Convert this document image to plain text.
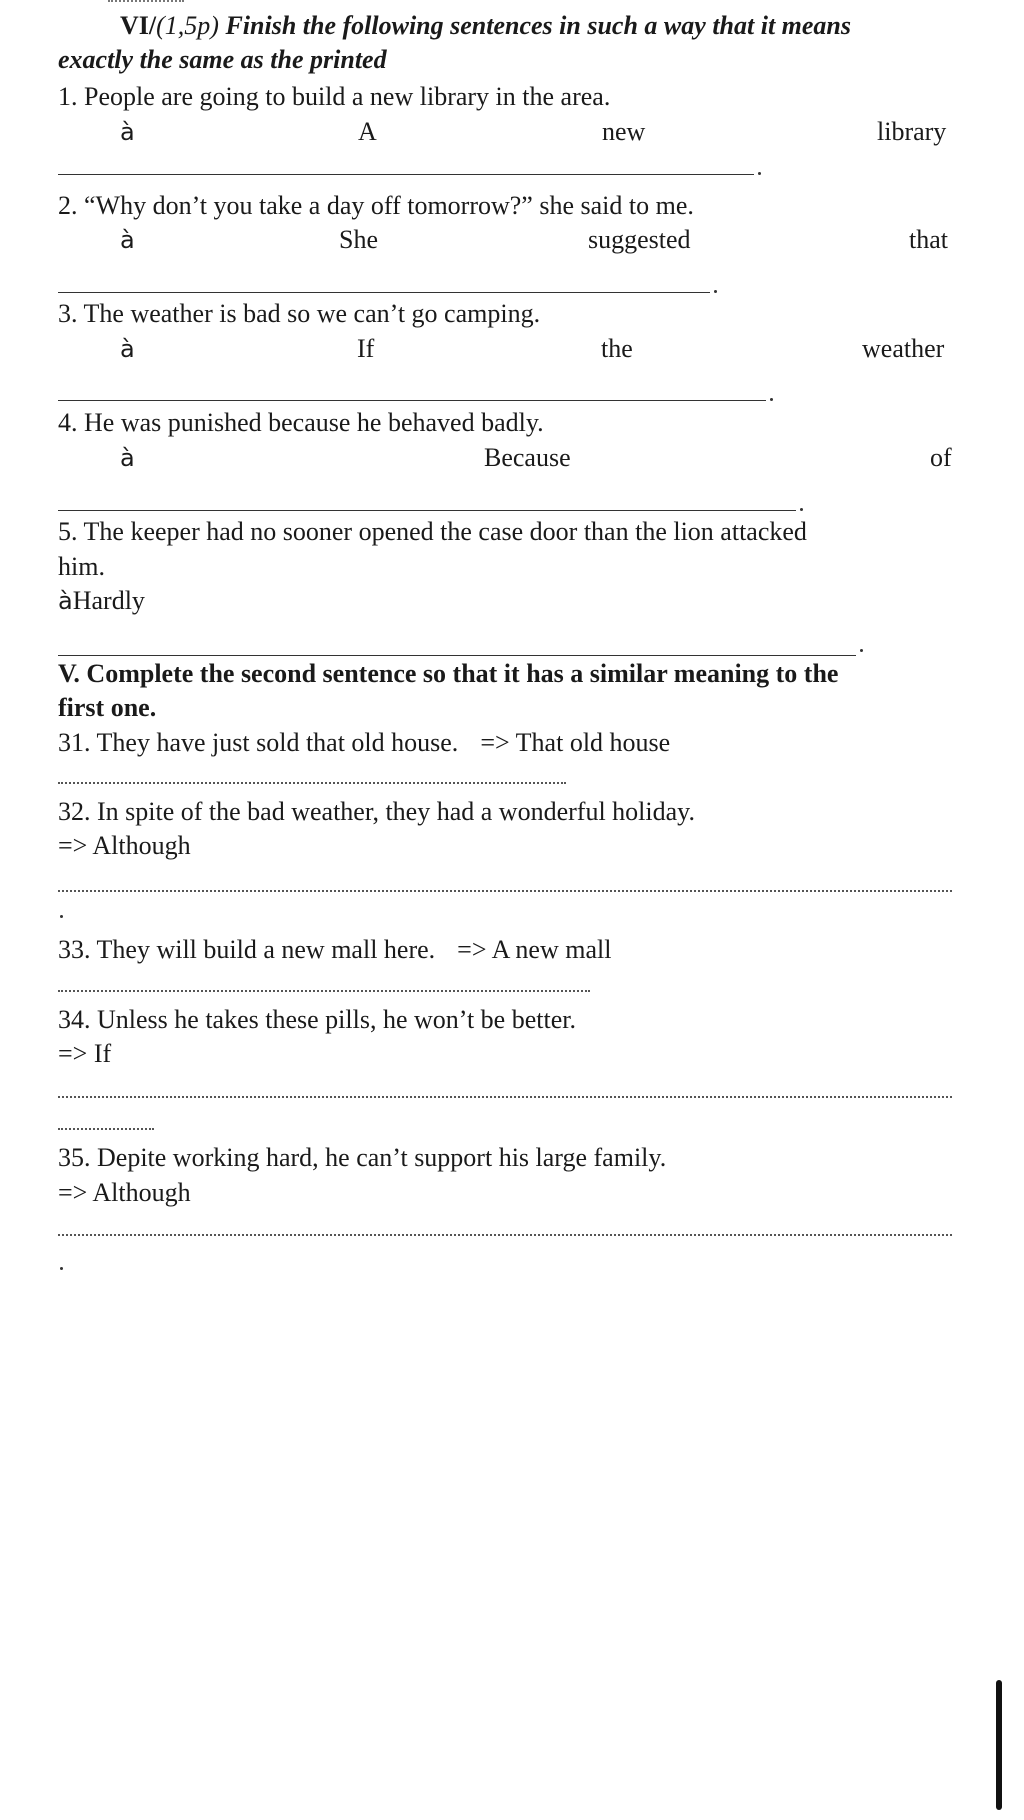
VI/(1,5p) Finish the following sentences in such a way that it means
exactly the same as the printed
1. People are going to build a new library in the area.
à	A	new	library
2. “Why don’t you take a day off tomorrow?” she said to me.
à	She	suggested	that
3. The weather is bad so we can’t go camping.
à	If	the	weather
4. He was punished because he behaved badly.
à	Because	of
5. The keeper had no sooner opened the case door than the lion attacked
him.
àHardly
V. Complete the second sentence so that it has a similar meaning to the
first one.
31. They have just sold that old house. => That old house
32. In spite of the bad weather, they had a wonderful holiday.
=> Although
33. They will build a new mall here. => A new mall
34. Unless he takes these pills, he won’t be better.
=> If
35. Depite working hard, he can’t support his large family.
=> Although
